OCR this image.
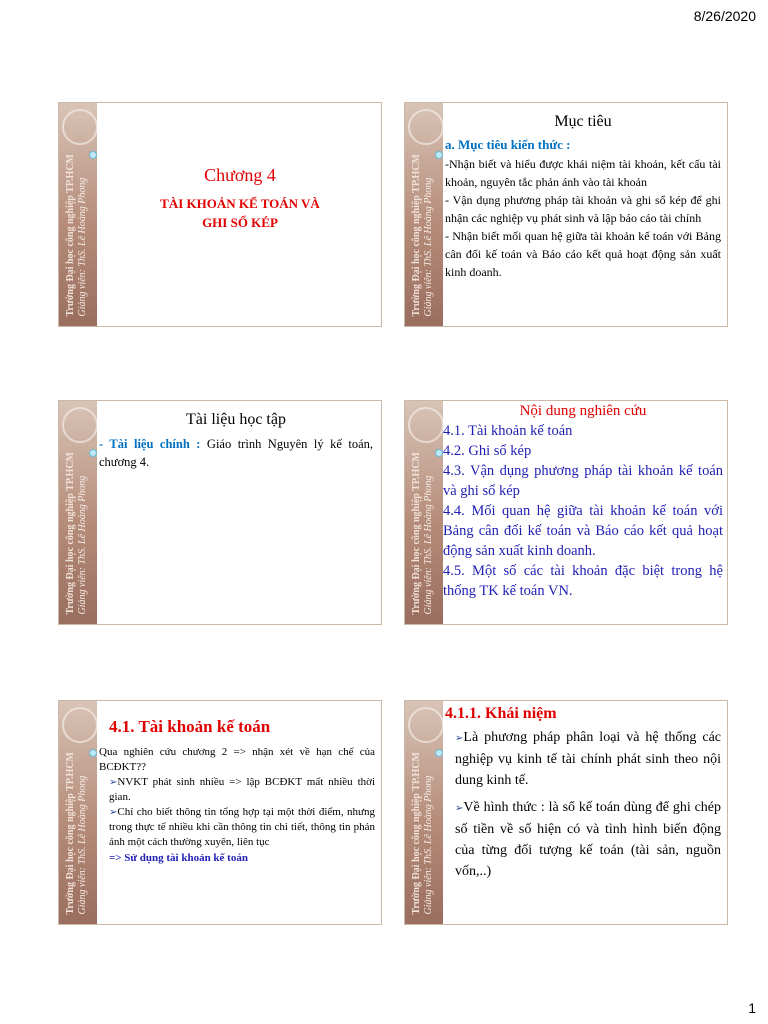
8/26/2020
Trường Đại học công nghiệp TP.HCM
Giảng viên: ThS. Lê Hoàng Phong
Chương 4
TÀI KHOẢN KẾ TOÁN VÀ
GHI SỔ KÉP	Trường Đại học công nghiệp TP.HCM
Giảng viên: ThS. Lê Hoàng Phong
Mục tiêu
a. Mục tiêu kiến thức :
-Nhận biết và hiểu được khái niệm tài khoản, kết cấu tài khoản, nguyên tắc phản ánh vào tài khoản
- Vận dụng phương pháp tài khoản và ghi sổ kép để ghi nhận các nghiệp vụ phát sinh và lập báo cáo tài chính
- Nhận biết mối quan hệ giữa tài khoản kế toán với Bảng cân đối kế toán và Báo cáo kết quả hoạt động sản xuất kinh doanh.
Trường Đại học công nghiệp TP.HCM
Giảng viên: ThS. Lê Hoàng Phong
Tài liệu học tập
- Tài liệu chính : Giáo trình Nguyên lý kế toán, chương 4.	Trường Đại học công nghiệp TP.HCM
Giảng viên: ThS. Lê Hoàng Phong
Nội dung nghiên cứu
4.1. Tài khoản kế toán
4.2. Ghi sổ kép
4.3. Vận dụng phương pháp tài khoản kế toán và ghi sổ kép
4.4. Mối quan hệ giữa tài khoản kế toán với Bảng cân đối kế toán và Báo cáo kết quả hoạt động sản xuất kinh doanh.
4.5. Một số các tài khoản đặc biệt trong hệ thống TK kế toán VN.
Trường Đại học công nghiệp TP.HCM
Giảng viên: ThS. Lê Hoàng Phong
4.1. Tài khoản kế toán
Qua nghiên cứu chương 2 => nhận xét về hạn chế của BCĐKT??
➢NVKT phát sinh nhiều => lập BCĐKT mất nhiều thời gian.
➢Chỉ cho biết thông tin tổng hợp tại một thời điểm, nhưng trong thực tế nhiều khi cần thông tin chi tiết, thông tin phản ánh một cách thường xuyên, liên tục
=> Sử dụng tài khoản kế toán	Trường Đại học công nghiệp TP.HCM
Giảng viên: ThS. Lê Hoàng Phong
4.1.1. Khái niệm
➢Là phương pháp phân loại và hệ thống các nghiệp vụ kinh tế tài chính phát sinh theo nội dung kinh tế.
➢Về hình thức : là sổ kế toán dùng để ghi chép số tiền về số hiện có và tình hình biến động của từng đối tượng kế toán (tài sản, nguồn vốn,..)
1
